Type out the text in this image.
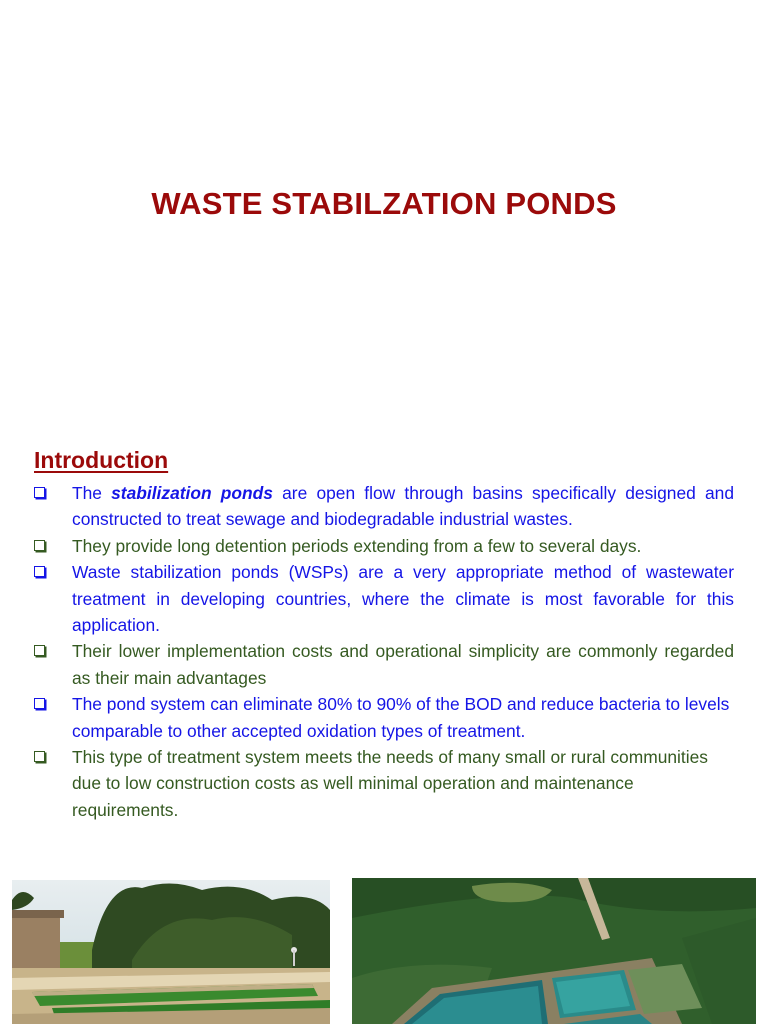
WASTE STABILZATION PONDS
Introduction
The stabilization ponds are open flow through basins specifically designed and constructed to treat sewage and biodegradable industrial wastes.
They provide long detention periods extending from a few to several days.
Waste stabilization ponds (WSPs) are a very appropriate method of wastewater treatment in developing countries, where the climate is most favorable for this application.
Their lower implementation costs and operational simplicity are commonly regarded as their main advantages
The pond system can eliminate 80% to 90% of the BOD and reduce bacteria to levels comparable to other accepted oxidation types of treatment.
This type of treatment system meets the needs of many small or rural communities due to low construction costs as well minimal operation and maintenance requirements.
